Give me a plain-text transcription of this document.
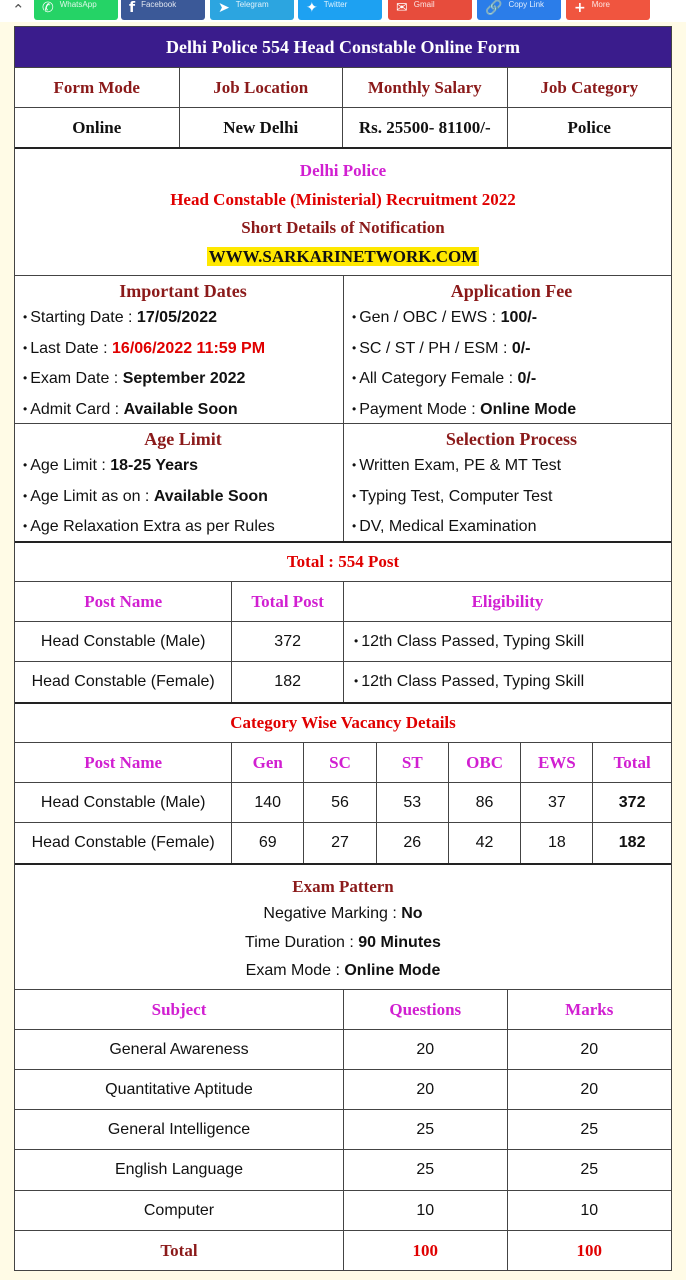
⌃ ✆ WhatsApp f Facebook	➤ Telegram	✦ Twitter	✉ Gmail	🔗 Copy Link + More
Delhi Police 554 Head Constable Online Form
Form Mode	Job Location	Monthly Salary	Job Category
Online	New Delhi	Rs. 25500- 81100/-	Police
Delhi Police
Head Constable (Ministerial) Recruitment 2022
Short Details of Notification
WWW.SARKARINETWORK.COM
Important Dates
• Starting Date : 17/05/2022
• Last Date : 16/06/2022 11:59 PM
• Exam Date : September 2022
• Admit Card : Available Soon
Application Fee
• Gen / OBC / EWS : 100/-
• SC / ST / PH / ESM : 0/-
• All Category Female : 0/-
• Payment Mode : Online Mode
Age Limit
• Age Limit : 18-25 Years
• Age Limit as on : Available Soon
• Age Relaxation Extra as per Rules
Selection Process
• Written Exam, PE & MT Test
• Typing Test, Computer Test
• DV, Medical Examination
Total : 554 Post
Post Name	Total Post	Eligibility
Head Constable (Male)	372	• 12th Class Passed, Typing Skill
Head Constable (Female)	182	• 12th Class Passed, Typing Skill
Category Wise Vacancy Details
Post Name	Gen	SC	ST	OBC	EWS	Total
Head Constable (Male)	140	56	53	86	37	372
Head Constable (Female)	69	27	26	42	18	182
Exam Pattern
Negative Marking : No
Time Duration : 90 Minutes
Exam Mode : Online Mode
Subject	Questions	Marks
General Awareness	20	20
Quantitative Aptitude	20	20
General Intelligence	25	25
English Language	25	25
Computer	10	10
Total	100	100
